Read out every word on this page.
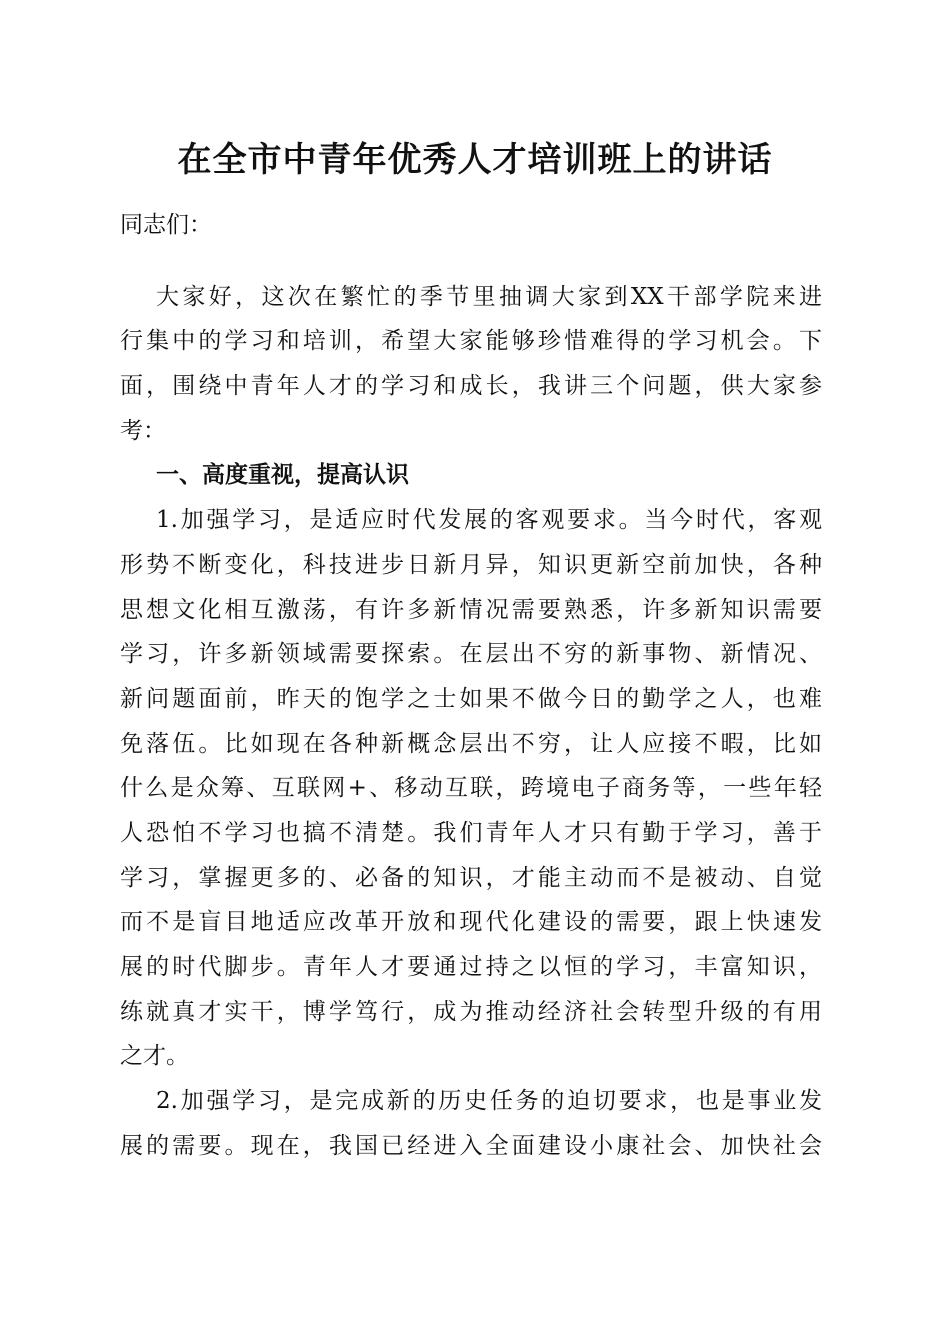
在全市中青年优秀人才培训班上的讲话
同志们：
大家好，这次在繁忙的季节里抽调大家到XX干部学院来进
行集中的学习和培训，希望大家能够珍惜难得的学习机会。下
面，围绕中青年人才的学习和成长，我讲三个问题，供大家参
考：
一、高度重视，提高认识
1.加强学习，是适应时代发展的客观要求。当今时代，客观
形势不断变化，科技进步日新月异，知识更新空前加快，各种
思想文化相互激荡，有许多新情况需要熟悉，许多新知识需要
学习，许多新领域需要探索。在层出不穷的新事物、新情况、
新问题面前，昨天的饱学之士如果不做今日的勤学之人，也难
免落伍。比如现在各种新概念层出不穷，让人应接不暇，比如
什么是众筹、互联网+、移动互联，跨境电子商务等，一些年轻
人恐怕不学习也搞不清楚。我们青年人才只有勤于学习，善于
学习，掌握更多的、必备的知识，才能主动而不是被动、自觉
而不是盲目地适应改革开放和现代化建设的需要，跟上快速发
展的时代脚步。青年人才要通过持之以恒的学习，丰富知识，
练就真才实干，博学笃行，成为推动经济社会转型升级的有用
之才。
2.加强学习，是完成新的历史任务的迫切要求，也是事业发
展的需要。现在，我国已经进入全面建设小康社会、加快社会
